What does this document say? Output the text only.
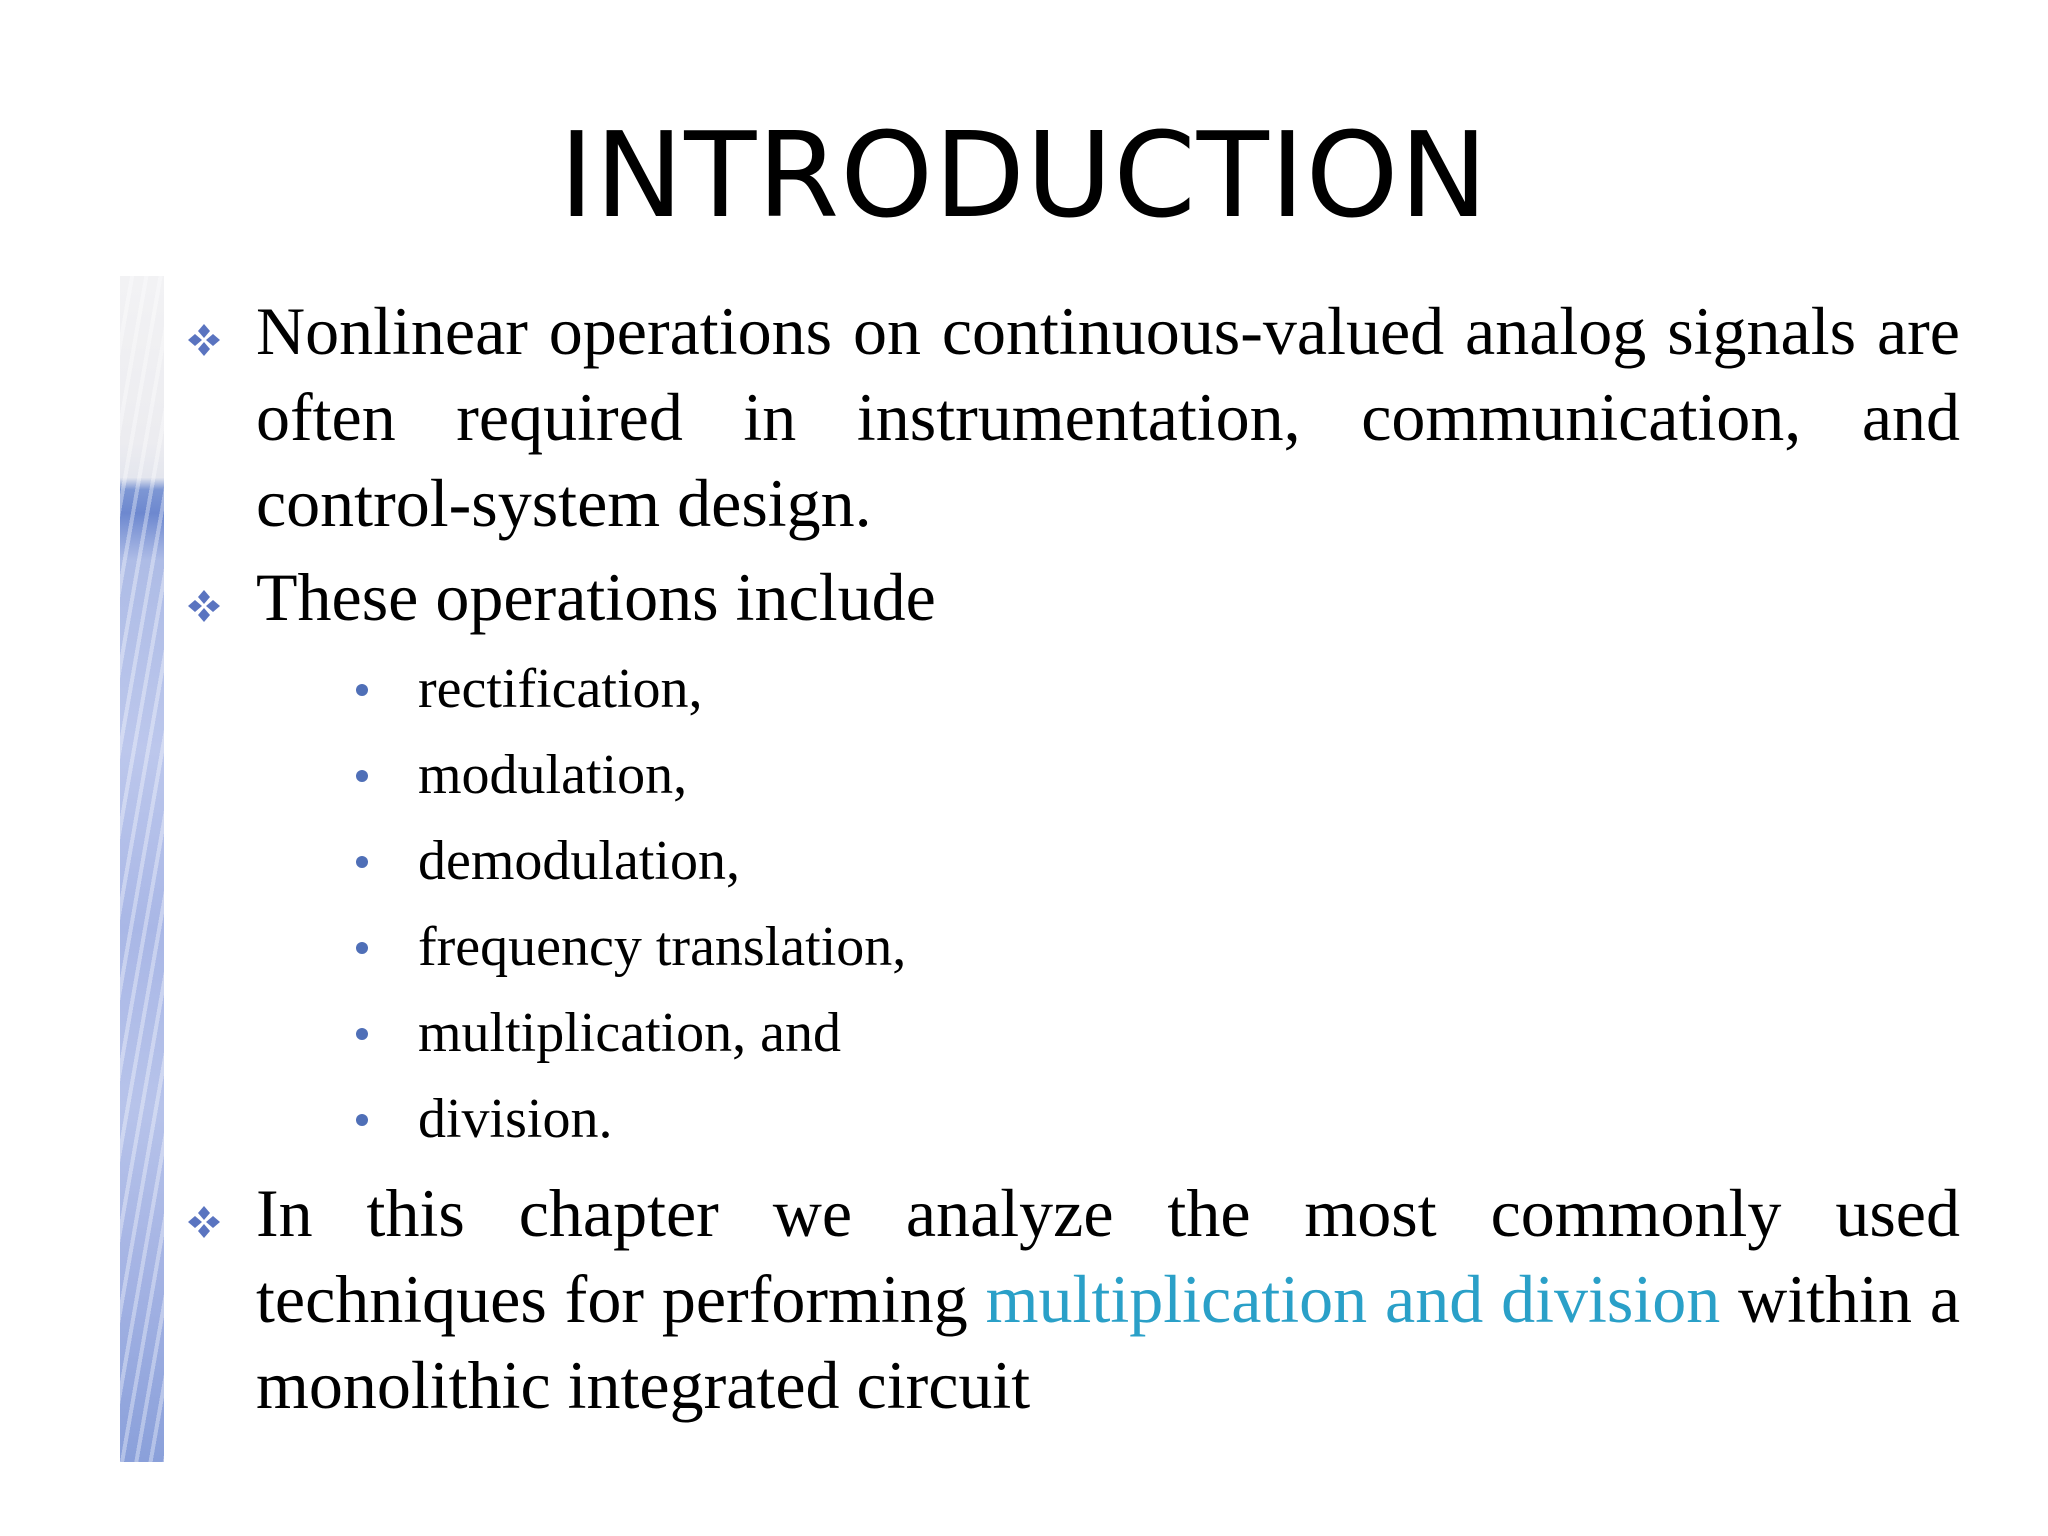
INTRODUCTION
Nonlinear operations on continuous-valued analog signals are often required in instrumentation, communication, and control-system design.
These operations include
rectification,
modulation,
demodulation,
frequency translation,
multiplication, and
division.
In this chapter we analyze the most commonly used techniques for performing multiplication and division within a monolithic integrated circuit
